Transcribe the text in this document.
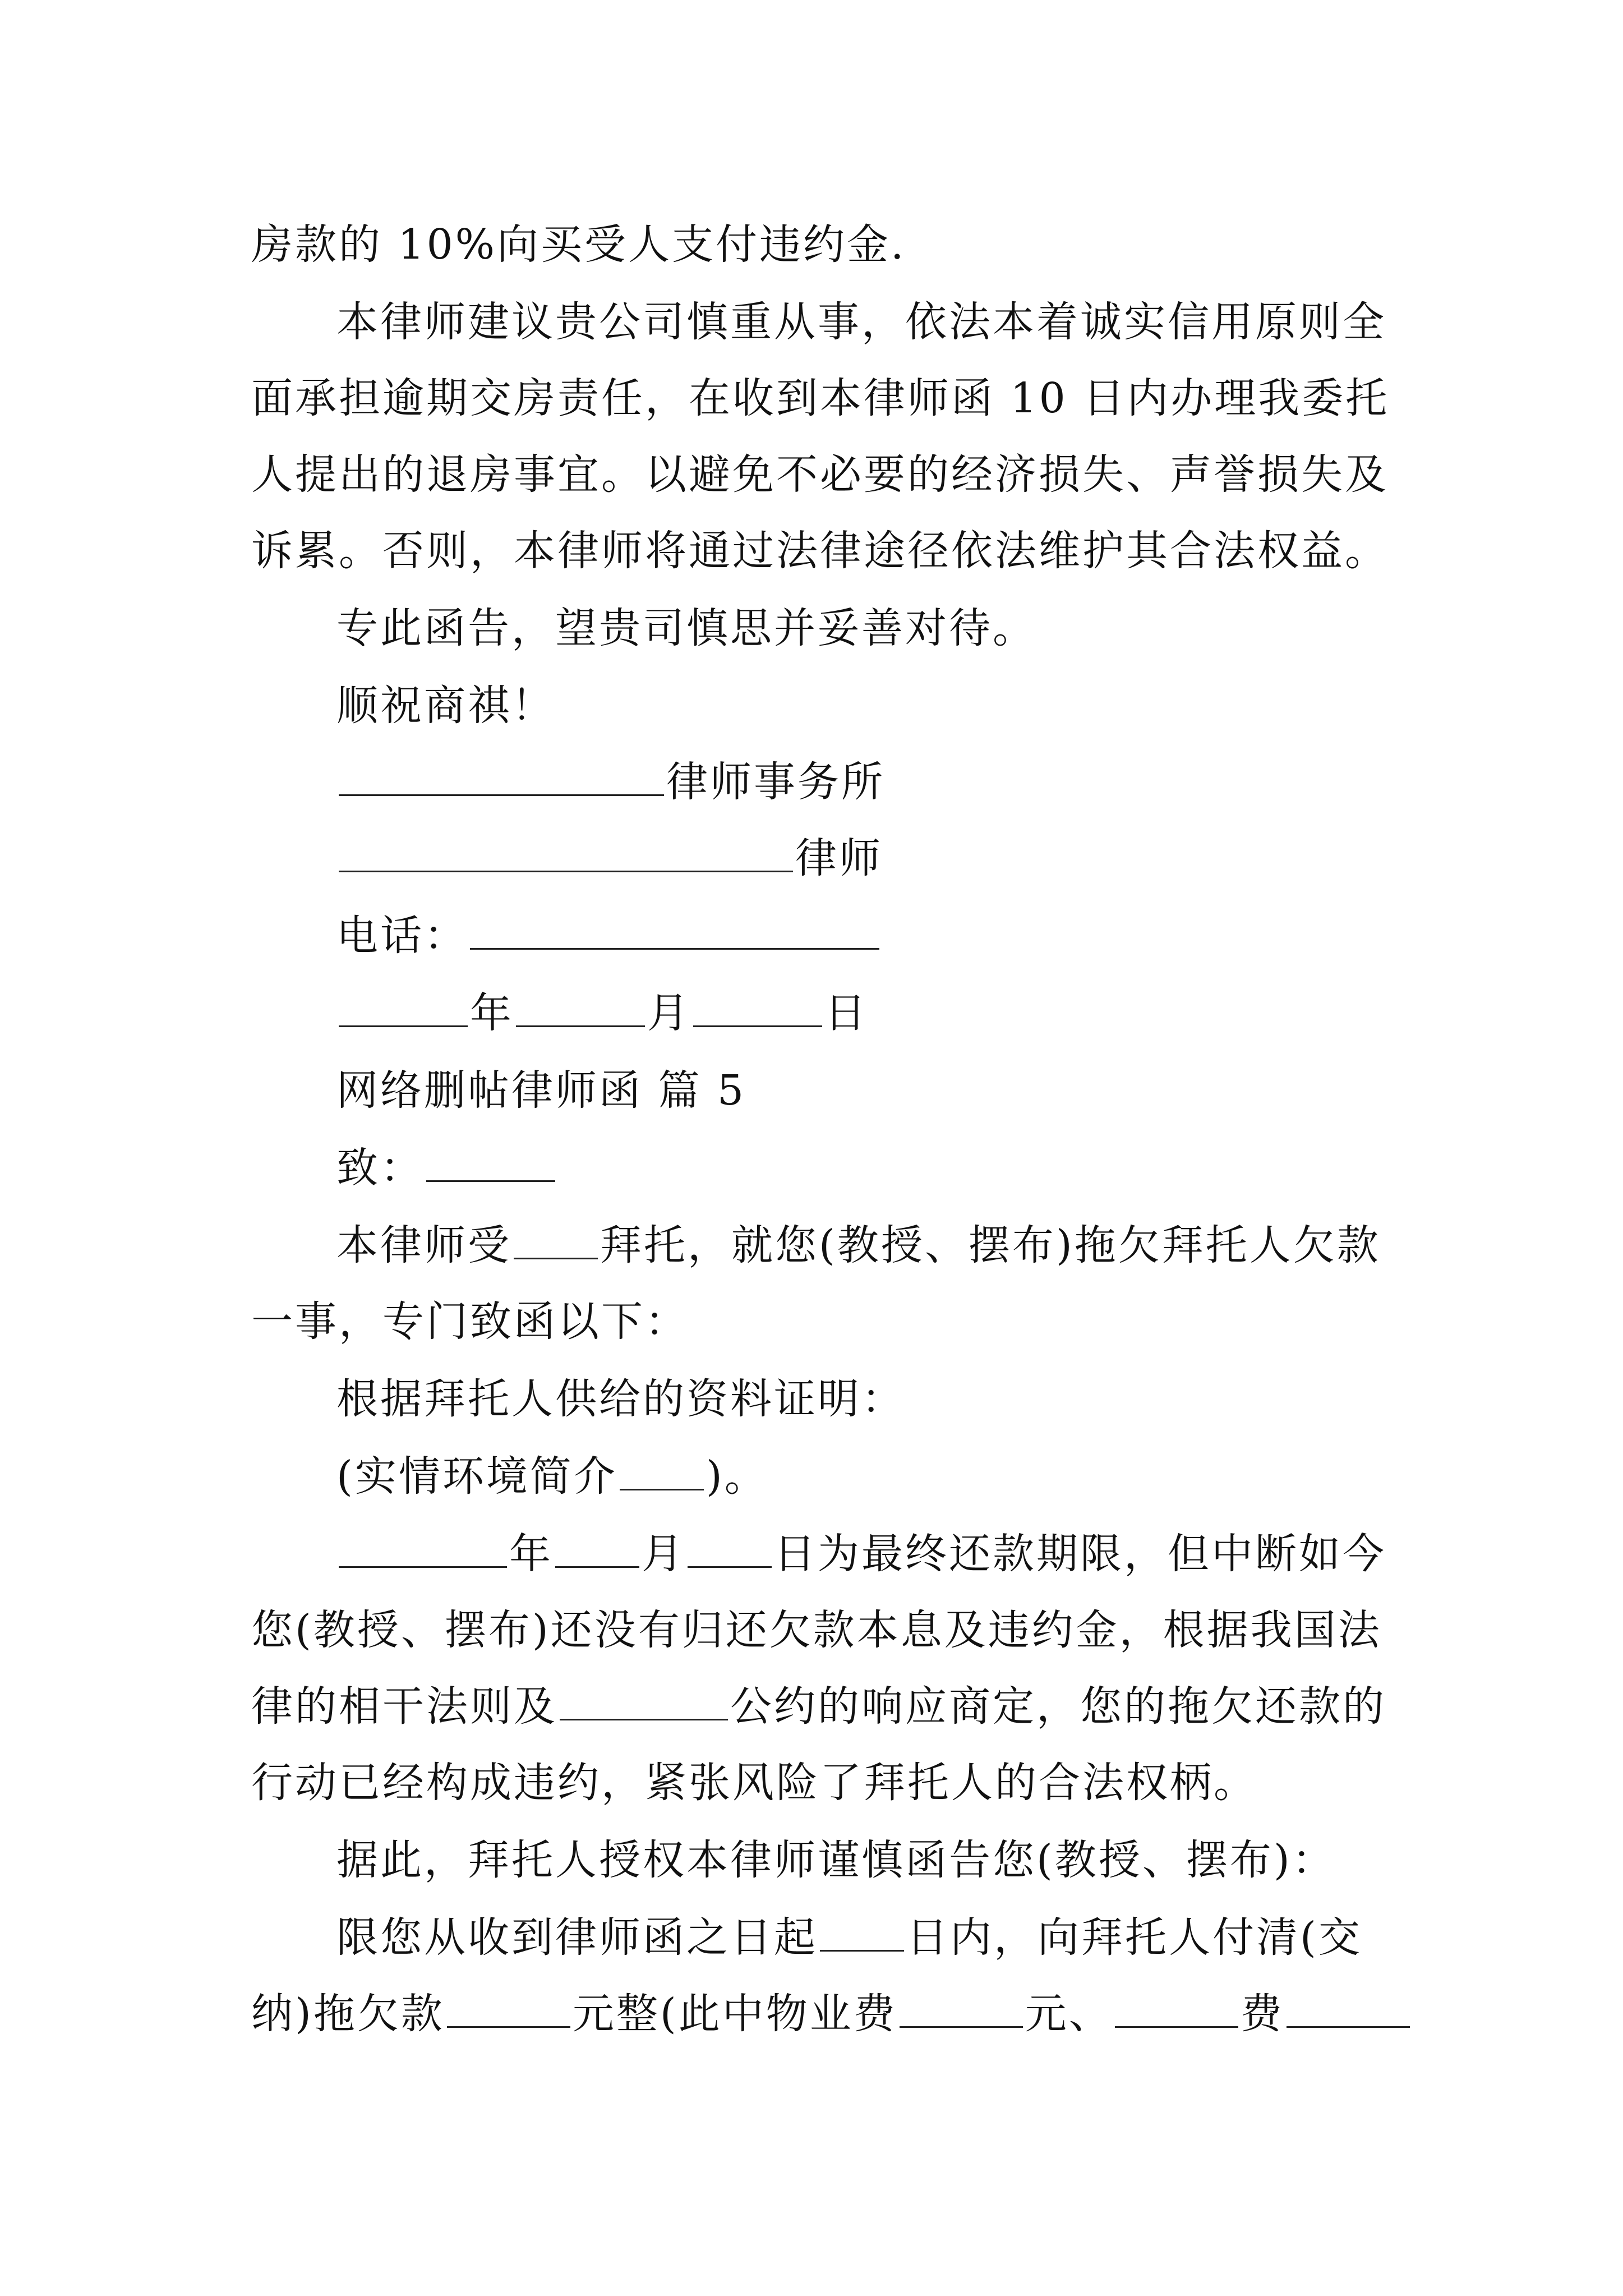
房款的 10%向买受人支付违约金.
本律师建议贵公司慎重从事，依法本着诚实信用原则全
面承担逾期交房责任，在收到本律师函 10 日内办理我委托
人提出的退房事宜。以避免不必要的经济损失、声誉损失及
诉累。否则，本律师将通过法律途径依法维护其合法权益。
专此函告，望贵司慎思并妥善对待。
顺祝商祺！
律师事务所
律师
电话：
年	月	日
网络删帖律师函 篇 5
致：
本律师受 拜托，就您(教授、摆布)拖欠拜托人欠款
一事，专门致函以下：
根据拜托人供给的资料证明：
(实情环境简介 )。
年 月 日为最终还款期限，但中断如今
您(教授、摆布)还没有归还欠款本息及违约金，根据我国法
律的相干法则及	公约的响应商定，您的拖欠还款的
行动已经构成违约，紧张风险了拜托人的合法权柄。
据此，拜托人授权本律师谨慎函告您(教授、摆布)：
限您从收到律师函之日起 日内，向拜托人付清(交
纳)拖欠款	元整(此中物业费	元、	费
